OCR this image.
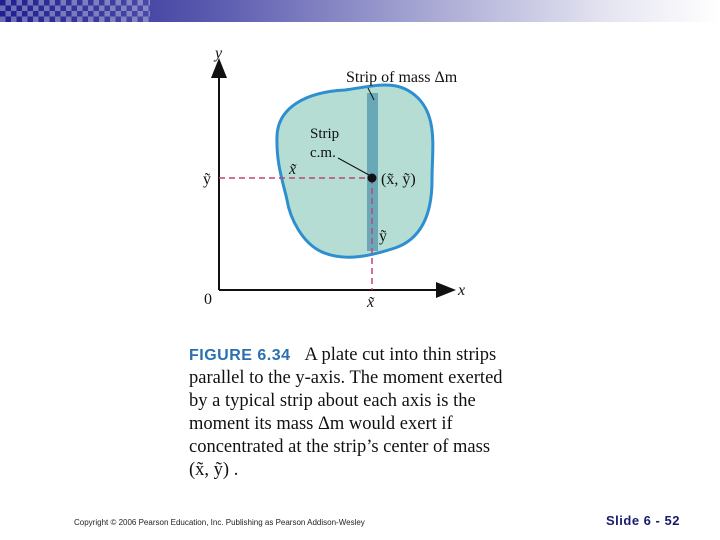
y
x
0
Strip of mass Δm
Strip
c.m.
x̃
(x̃, ỹ)
ỹ
ỹ
x̃
FIGURE 6.34 A plate cut into thin strips
parallel to the y-axis. The moment exerted
by a typical strip about each axis is the
moment its mass Δm would exert if
concentrated at the strip’s center of mass
(x̃, ỹ) .
Copyright © 2006 Pearson Education, Inc. Publishing as Pearson Addison-Wesley	Slide 6 - 52
